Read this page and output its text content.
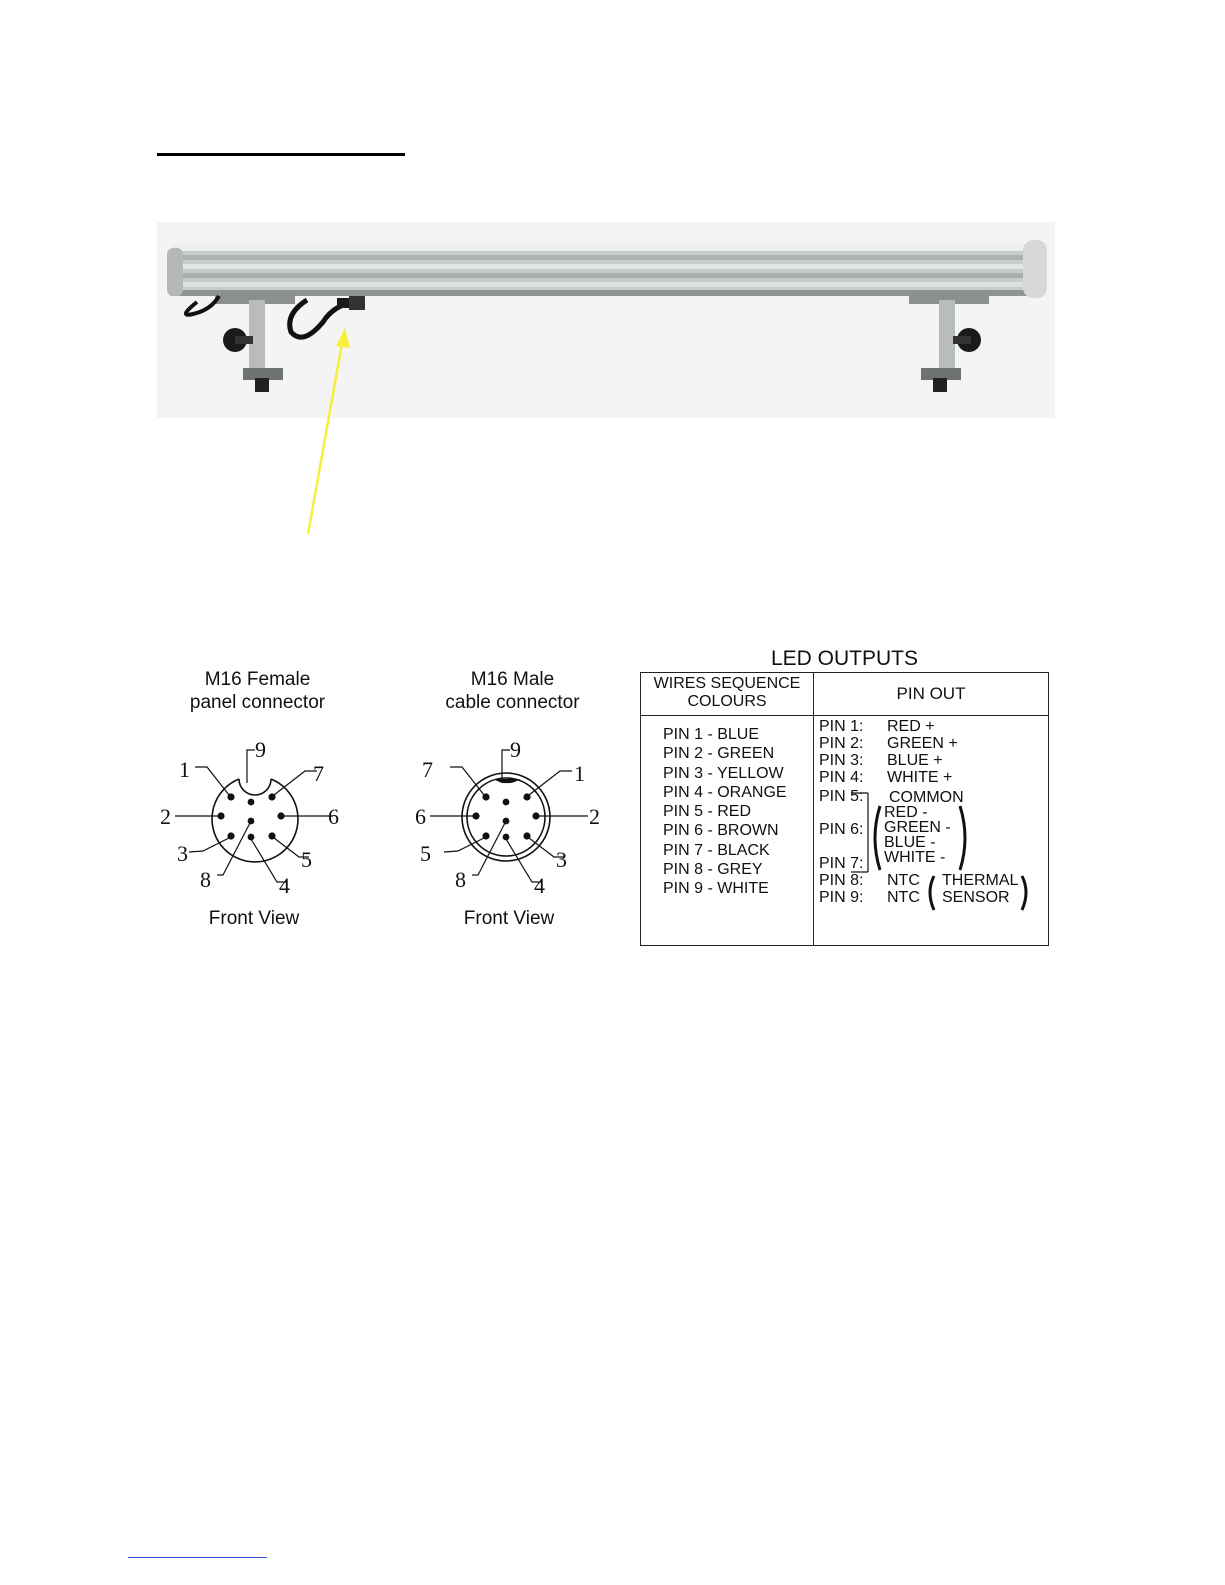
M16 Female
panel connector
1
2
3
4
5
6
7
8
9
Front View
M16 Male
cable connector
7
6
5
4
3
2
1
8
9
Front View
LED OUTPUTS
WIRES SEQUENCE
COLOURS	PIN OUT
PIN 1 - BLUE
PIN 2 - GREEN
PIN 3 - YELLOW
PIN 4 - ORANGE
PIN 5 - RED
PIN 6 - BROWN
PIN 7 - BLACK
PIN 8 - GREY
PIN 9 - WHITE
PIN 1: RED +
PIN 2: GREEN +
PIN 3: BLUE +
PIN 4: WHITE +
PIN 5: COMMON
PIN 6:
RED -
GREEN -
BLUE -
WHITE -
PIN 7:
PIN 8: NTC
PIN 9: NTC
THERMAL
SENSOR
